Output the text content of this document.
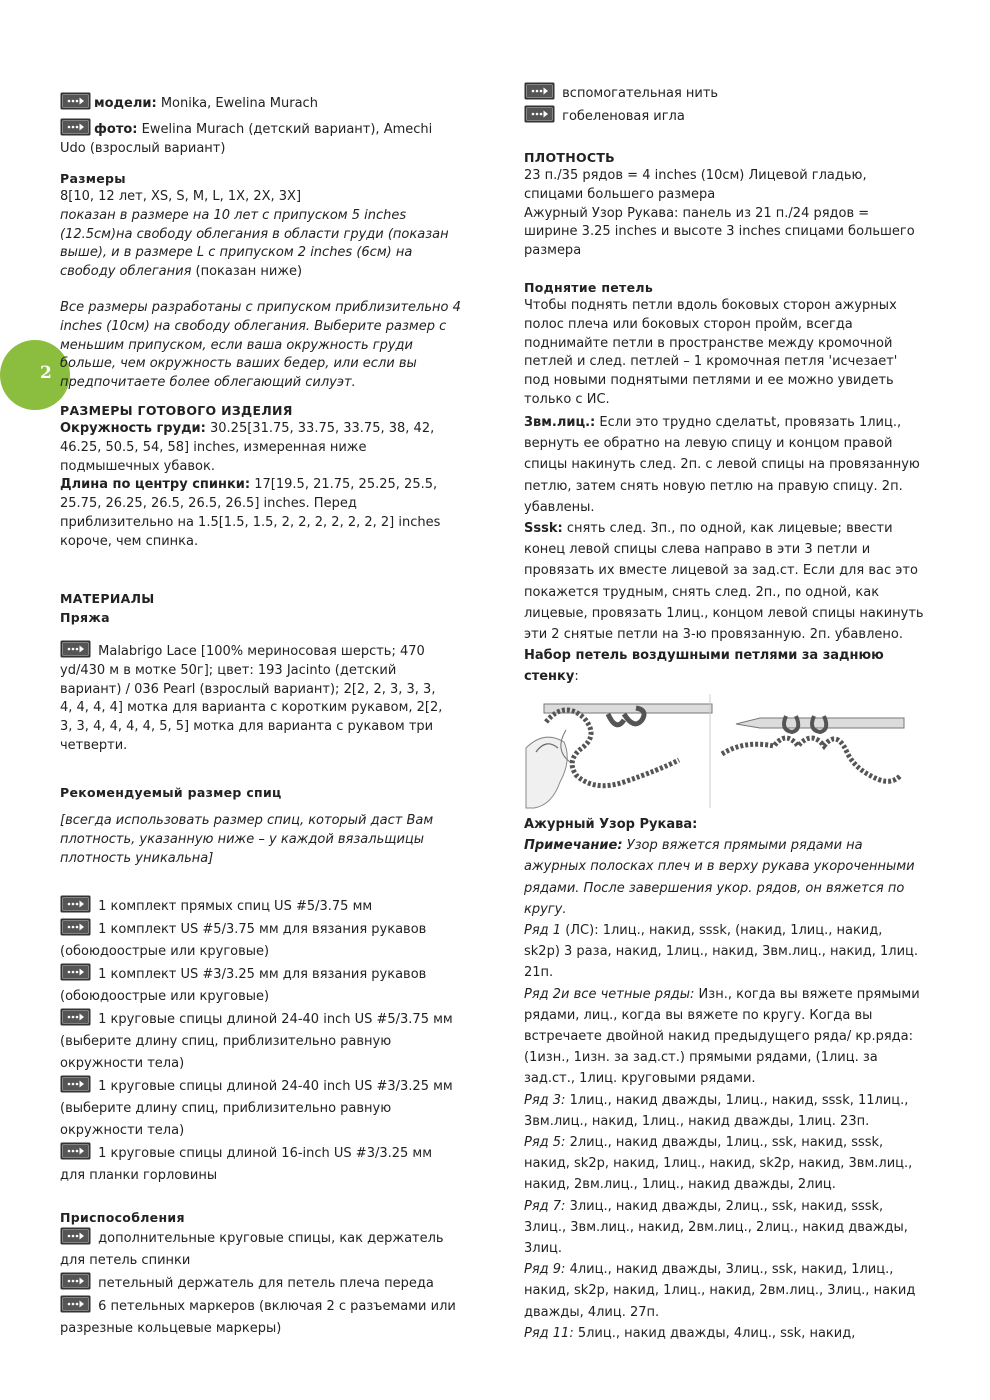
2

модели: Monika, Ewelina Murach

фото: Ewelina Murach (детский вариант), Amechi

Udo (взрослый вариант)

Размеры

8[10, 12 лет, XS, S, M, L, 1X, 2X, 3X]

показан в размере на 10 лет с припуском 5 inches

(12.5см)на свободу облегания в области груди (показан

выше), и в размере L с припуском 2 inches (6см) на

свободу облегания (показан ниже)

Все размеры разработаны с припуском приблизительно 4

inches (10см) на свободу облегания. Выберите размер с

меньшим припуском, если ваша окружность груди

больше, чем окружность ваших бедер, или если вы

предпочитаете более облегающий силуэт.

РАЗМЕРЫ ГОТОВОГО ИЗДЕЛИЯ

Окружность груди: 30.25[31.75, 33.75, 33.75, 38, 42,

46.25, 50.5, 54, 58] inches, измеренная ниже

подмышечных убавок.

Длина по центру спинки: 17[19.5, 21.75, 25.25, 25.5,

25.75, 26.25, 26.5, 26.5, 26.5] inches. Перед

приблизительно на 1.5[1.5, 1.5, 2, 2, 2, 2, 2, 2, 2] inches

короче, чем спинка.

МАТЕРИАЛЫ

Пряжа

Malabrigo Lace [100% мериносовая шерсть; 470

yd/430 м в мотке 50г]; цвет: 193 Jacinto (детский

вариант) / 036 Pearl (взрослый вариант); 2[2, 2, 3, 3, 3,

4, 4, 4, 4] мотка для варианта с коротким рукавом, 2[2,

3, 3, 4, 4, 4, 4, 5, 5] мотка для варианта с рукавом три

четверти.

Рекомендуемый размер спиц

[всегда использовать размер спиц, который даст Вам

плотность, указанную ниже – у каждой вязальщицы

плотность уникальна]

1 комплект прямых спиц US #5/3.75 мм

1 комплект US #5/3.75 мм для вязания рукавов

(обоюдоострые или круговые)

1 комплект US #3/3.25 мм для вязания рукавов

(обоюдоострые или круговые)

1 круговые спицы длиной 24-40 inch US #5/3.75 мм

(выберите длину спиц, приблизительно равную

окружности тела)

1 круговые спицы длиной 24-40 inch US #3/3.25 мм

(выберите длину спиц, приблизительно равную

окружности тела)

1 круговые спицы длиной 16-inch US #3/3.25 мм

для планки горловины

Приспособления

дополнительные круговые спицы, как держатель

для петель спинки

петельный держатель для петель плеча переда

6 петельных маркеров (включая 2 с разъемами или

разрезные кольцевые маркеры)

вспомогательная нить

гобеленовая игла

ПЛОТНОСТЬ

23 п./35 рядов = 4 inches (10см) Лицевой гладью,

спицами большего размера

Ажурный Узор Рукава: панель из 21 п./24 рядов =

ширине 3.25 inches и высоте 3 inches спицами большего

размера

Поднятие петель

Чтобы поднять петли вдоль боковых сторон ажурных

полос плеча или боковых сторон пройм, всегда

поднимайте петли в пространстве между кромочной

петлей и след. петлей – 1 кромочная петля 'исчезает'

под новыми поднятыми петлями и ее можно увидеть

только с ИС.

3вм.лиц.: Если это трудно сделатьt, провязать 1лиц.,

вернуть ее обратно на левую спицу и концом правой

спицы накинуть след. 2п. с левой спицы на провязанную

петлю, затем снять новую петлю на правую спицу. 2п.

убавлены.

Sssk: снять след. 3п., по одной, как лицевые; ввести

конец левой спицы слева направо в эти 3 петли и

провязать их вместе лицевой за зад.ст. Если для вас это

покажется трудным, снять след. 2п., по одной, как

лицевые, провязать 1лиц., концом левой спицы накинуть

эти 2 снятые петли на 3-ю провязанную. 2п. убавлено.

Набор петель воздушными петлями за заднюю

стенку:

Ажурный Узор Рукава:

Примечание: Узор вяжется прямыми рядами на

ажурных полосках плеч и в верху рукава укороченными

рядами. После завершения укор. рядов, он вяжется по

кругу.

Ряд 1 (ЛС): 1лиц., накид, sssk, (накид, 1лиц., накид,

sk2p) 3 раза, накид, 1лиц., накид, 3вм.лиц., накид, 1лиц.

21п.

Ряд 2и все четные ряды: Изн., когда вы вяжете прямыми

рядами, лиц., когда вы вяжете по кругу. Когда вы

встречаете двойной накид предыдущего ряда/ кр.ряда:

(1изн., 1изн. за зад.ст.) прямыми рядами, (1лиц. за

зад.ст., 1лиц. круговыми рядами.

Ряд 3: 1лиц., накид дважды, 1лиц., накид, sssk, 11лиц.,

3вм.лиц., накид, 1лиц., накид дважды, 1лиц. 23п.

Ряд 5: 2лиц., накид дважды, 1лиц., ssk, накид, sssk,

накид, sk2p, накид, 1лиц., накид, sk2p, накид, 3вм.лиц.,

накид, 2вм.лиц., 1лиц., накид дважды, 2лиц.

Ряд 7: 3лиц., накид дважды, 2лиц., ssk, накид, sssk,

3лиц., 3вм.лиц., накид, 2вм.лиц., 2лиц., накид дважды,

3лиц.

Ряд 9: 4лиц., накид дважды, 3лиц., ssk, накид, 1лиц.,

накид, sk2p, накид, 1лиц., накид, 2вм.лиц., 3лиц., накид

дважды, 4лиц. 27п.

Ряд 11: 5лиц., накид дважды, 4лиц., ssk, накид,
